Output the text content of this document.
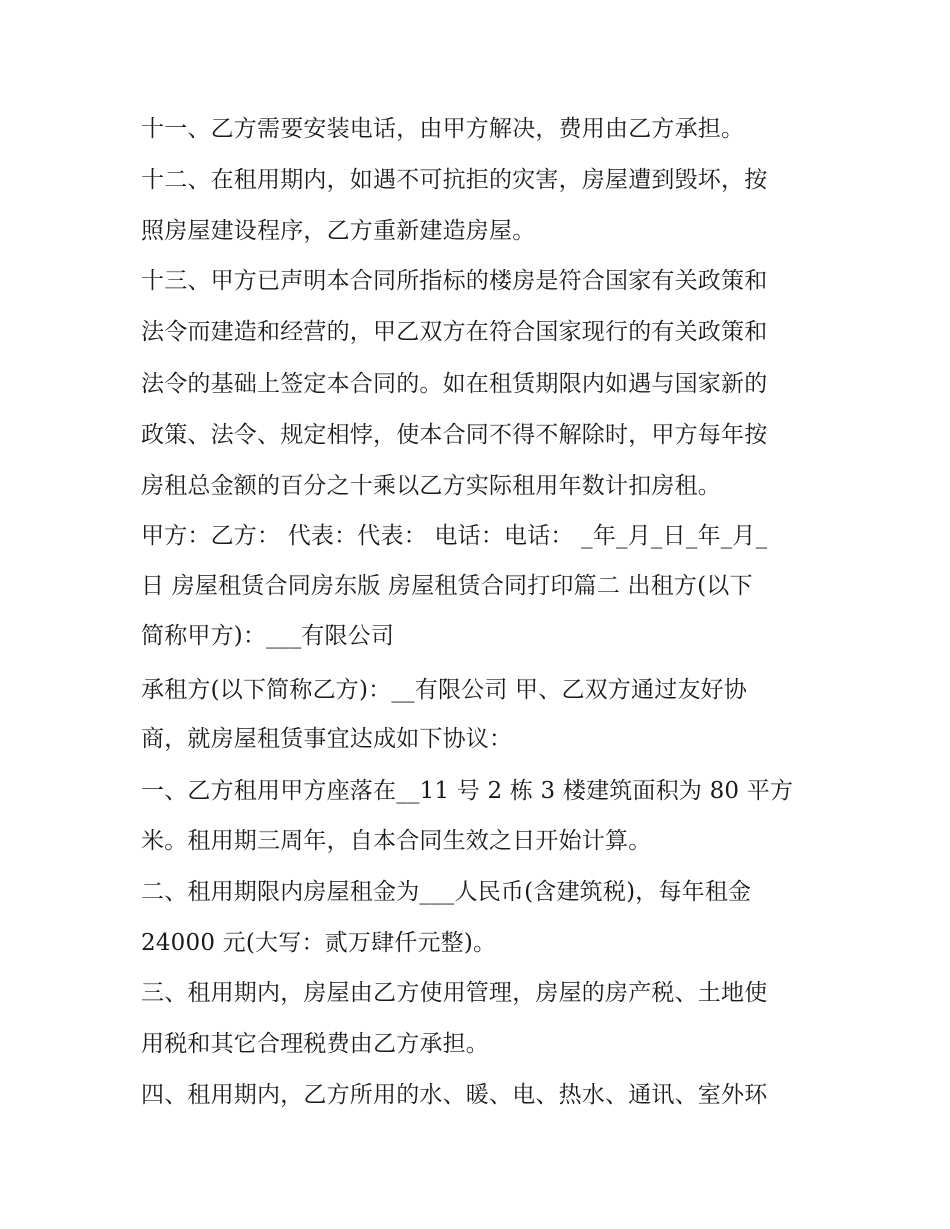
十一、乙方需要安装电话，由甲方解决，费用由乙方承担。
十二、在租用期内，如遇不可抗拒的灾害，房屋遭到毁坏，按
照房屋建设程序，乙方重新建造房屋。
十三、甲方已声明本合同所指标的楼房是符合国家有关政策和
法令而建造和经营的，甲乙双方在符合国家现行的有关政策和
法令的基础上签定本合同的。如在租赁期限内如遇与国家新的
政策、法令、规定相悖，使本合同不得不解除时，甲方每年按
房租总金额的百分之十乘以乙方实际租用年数计扣房租。
甲方：乙方： 代表：代表： 电话：电话： _年_月_日_年_月_
日 房屋租赁合同房东版 房屋租赁合同打印篇二 出租方(以下
简称甲方)：___有限公司
承租方(以下简称乙方)：__有限公司 甲、乙双方通过友好协
商，就房屋租赁事宜达成如下协议：
一、乙方租用甲方座落在__11 号 2 栋 3 楼建筑面积为 80 平方
米。租用期三周年，自本合同生效之日开始计算。
二、租用期限内房屋租金为___人民币(含建筑税)，每年租金
24000 元(大写：贰万肆仟元整)。
三、租用期内，房屋由乙方使用管理，房屋的房产税、土地使
用税和其它合理税费由乙方承担。
四、租用期内，乙方所用的水、暖、电、热水、通讯、室外环
